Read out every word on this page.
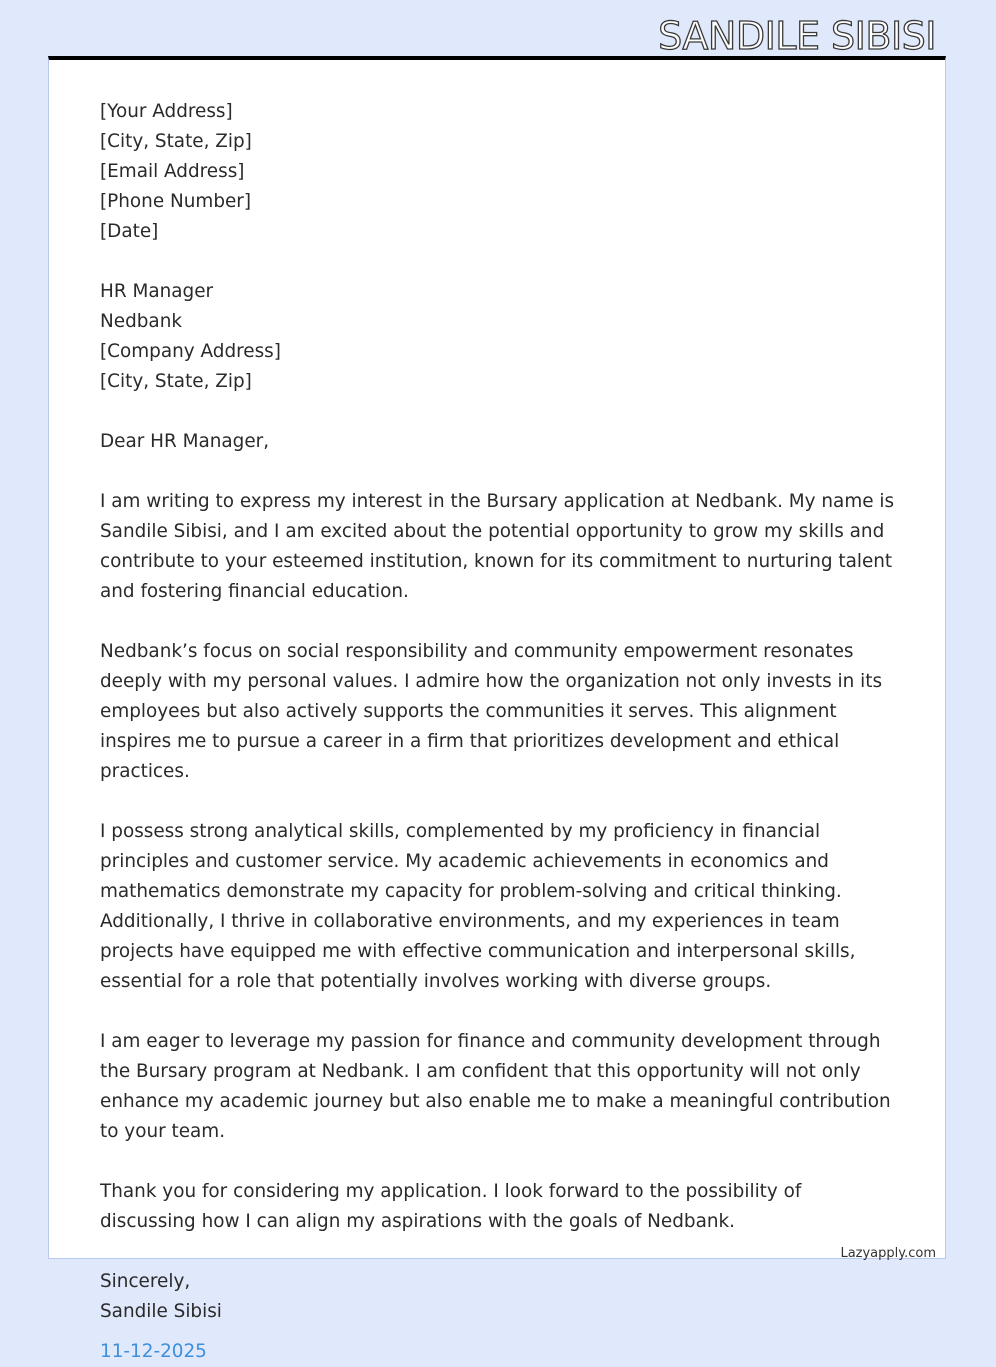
SANDILE SIBISI
[Your Address]
[City, State, Zip]
[Email Address]
[Phone Number]
[Date]
HR Manager
Nedbank
[Company Address]
[City, State, Zip]
Dear HR Manager,
I am writing to express my interest in the Bursary application at Nedbank. My name is Sandile Sibisi, and I am excited about the potential opportunity to grow my skills and contribute to your esteemed institution, known for its commitment to nurturing talent and fostering financial education.
Nedbank’s focus on social responsibility and community empowerment resonates deeply with my personal values. I admire how the organization not only invests in its employees but also actively supports the communities it serves. This alignment inspires me to pursue a career in a firm that prioritizes development and ethical practices.
I possess strong analytical skills, complemented by my proficiency in financial principles and customer service. My academic achievements in economics and mathematics demonstrate my capacity for problem-solving and critical thinking. Additionally, I thrive in collaborative environments, and my experiences in team projects have equipped me with effective communication and interpersonal skills, essential for a role that potentially involves working with diverse groups.
I am eager to leverage my passion for finance and community development through the Bursary program at Nedbank. I am confident that this opportunity will not only enhance my academic journey but also enable me to make a meaningful contribution to your team.
Thank you for considering my application. I look forward to the possibility of discussing how I can align my aspirations with the goals of Nedbank.
Sincerely,
Sandile Sibisi
11-12-2025
Lazyapply.com
